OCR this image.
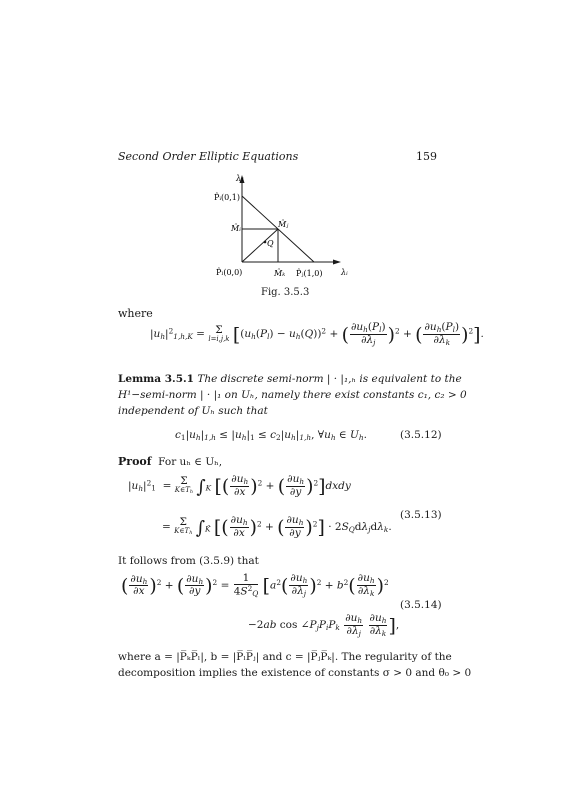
Second Order Elliptic Equations	159
λ₁
λᵢ
P̂ᵢ(0,1)
P̂ₗ(0,0)	P̂ⱼ(1,0)
M̂ᵢ	M̂ⱼ
M̂ₖ
Q
Fig. 3.5.3
where
$|u_h|^2_{1,h,K} = \Sigma$
l=i,j,k [$(u_h(P_l) - u_h(Q))^2$ + ( $\frac{\partial u_h(P_l)}{\partial\lambda_j} )^2$ + ( $\frac{\partial u_h(P_l)}{\partial\lambda_k} )^2$].
Lemma 3.5.1 The discrete semi-norm | · |₁,ₕ is equivalent to the
H¹−semi-norm | · |₁ on Uₕ, namely there exist constants c₁, c₂ > 0
independent of Uₕ such that
$c_1|u_h|_{1,h} \le |u_h|_1 \le c_2|u_h|_{1,h}$, $\forall u_h$ ∈ $U_h$.	(3.5.12)
Proof For uₕ ∈ Uₕ,
$|u_h|^2_1 = \Sigma$
$K\in T_h$ $\int_K$ [( $\frac{\partial u_h}{\partial x} )^2$ + ( $\frac{\partial u_h}{\partial y}$ )$^2$]dxdy
= Σ
$K\in T_h$ $\int_{K̂}$ [( $\frac{\partial u_h}{\partial x} )^2$ + ( $\frac{\partial u_h}{\partial y} )^2] \cdot 2S_Qd\lambda_jd\lambda_k$.
(3.5.13)
It follows from (3.5.9) that
( $\frac{\partial u_h}{\partial x} )^2$ + ( $\frac{\partial u_h}{\partial y} )^2 = \frac{1}{4S^2_Q} [a^2( \frac{\partial u_h}{\partial\lambda_j} )^2 + b^2( \frac{\partial u_h}{\partial\lambda_k} )^2$
−2ab $\cos \angle P_jP_iP_k \frac{\partial u_h}{\partial\lambda_j}$
$\frac{\partial u_h}{\partial\lambda_k}$ ],
(3.5.14)
where a = |P̅ₖP̅ₗ|, b = |P̅ₗP̅ⱼ| and c = |P̅ⱼP̅ₖ|. The regularity of the
decomposition implies the existence of constants σ > 0 and θ₀ > 0
